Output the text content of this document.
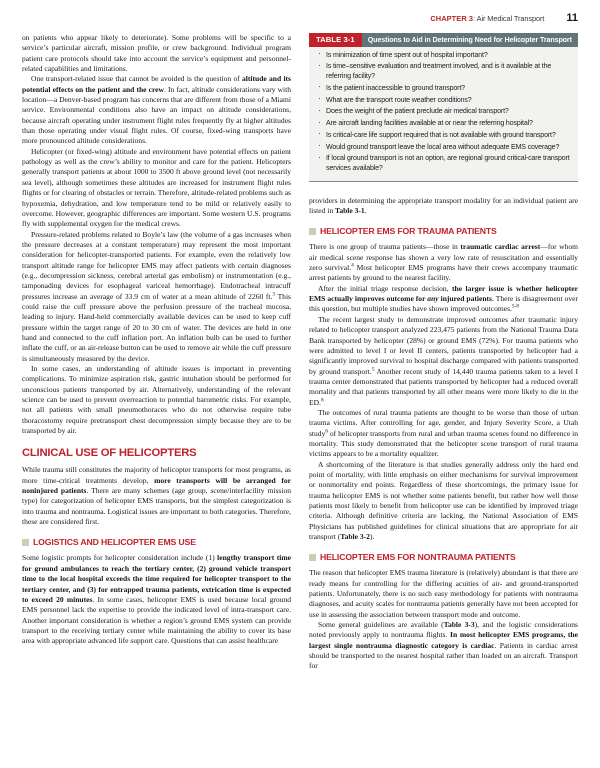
CHAPTER 3: Air Medical Transport 11

on patients who appear likely to deteriorate). Some problems will be specific to a service’s particular aircraft, mission profile, or crew background. Individual program patient care protocols should take into account the service’s equipment and personnel-related capabilities and limitations.

One transport-related issue that cannot be avoided is the question of altitude and its potential effects on the patient and the crew. In fact, altitude considerations vary with location—a Denver-based program has concerns that are different from those of a Miami service. Environmental conditions also have an impact on altitude considerations, because aircraft operating under instrument flight rules frequently fly at higher altitudes than those operating under visual flight rules. Of course, fixed-wing transports have more pronounced altitude considerations.

Helicopter (or fixed-wing) altitude and environment have potential effects on patient pathology as well as the crew’s ability to monitor and care for the patient. Helicopters generally transport patients at about 1000 to 3500 ft above ground level (not necessarily sea level), although sometimes these altitudes are increased for instrument flight rules flights or for clearing of obstacles or terrain. Therefore, altitude-related problems such as hypoxemia, dehydration, and low temperature tend to be mild or relatively easily to overcome. However, geographic differences are important. Some western U.S. programs fly with supplemental oxygen for the medical crews.

Pressure-related problems related to Boyle’s law (the volume of a gas increases when the pressure decreases at a constant temperature) may represent the most important consideration for helicopter-transported patients. For example, even the relatively low transport altitude range for helicopter EMS may affect patients with certain diagnoses (e.g., decompression sickness, cerebral arterial gas embolism) or instrumentation (e.g., tamponading devices for esophageal variceal hemorrhage). Endotracheal intracuff pressures increase an average of 33.9 cm of water at a mean altitude of 2260 ft.$^3$ This could raise the cuff pressure above the perfusion pressure of the tracheal mucosa, leading to injury. Hand-held commercially available devices can be used to keep cuff pressure within the target range of 20 to 30 cm of water. The devices are held in one hand and connected to the cuff inflation port. An inflation bulb can be used to further inflate the cuff, or an air-release button can be used to remove air while the cuff pressure is simultaneously measured by the device.

In some cases, an understanding of altitude issues is important in preventing complications. To minimize aspiration risk, gastric intubation should be performed for unconscious patients transported by air. Alternatively, understanding of the relevant science can be used to prevent overreaction to potential barometric risks. For example, not all patients with small pneumothoraces who do not otherwise require tube thoracostomy require pretransport chest decompression simply because they are to be transported by air.

CLINICAL USE OF HELICOPTERS

While trauma still constitutes the majority of helicopter transports for most programs, as more time-critical treatments develop, more transports will be arranged for noninjured patients. There are many schemes (age group, scene/interfacility mission type) for categorization of helicopter EMS transports, but the simplest categorization is into trauma and nontrauma. Logistical issues are important to both categories. Therefore, these are considered first.

LOGISTICS AND HELICOPTER EMS USE

Some logistic prompts for helicopter consideration include (1) lengthy transport time for ground ambulances to reach the tertiary center, (2) ground vehicle transport time to the local hospital exceeds the time required for helicopter transport to the tertiary center, and (3) for entrapped trauma patients, extrication time is expected to exceed 20 minutes. In some cases, helicopter EMS is used because local ground EMS personnel lack the expertise to provide the indicated level of intra-transport care. Another important consideration is whether a region’s ground EMS system can provide transport to the receiving tertiary center while maintaining the ability to cover its base area with appropriate advanced life support care. Questions that can assist healthcare

TABLE 3-1	Questions to Aid in Determining Need for Helicopter Transport
· Is minimization of time spent out of hospital important?
· Is time–sensitive evaluation and treatment involved, and is it available at the referring facility?
· Is the patient inaccessible to ground transport?
· What are the transport route weather conditions?
· Does the weight of the patient preclude air medical transport?
· Are aircraft landing facilities available at or near the referring hospital?
· Is critical-care life support required that is not available with ground transport?
· Would ground transport leave the local area without adequate EMS coverage?
· If local ground transport is not an option, are regional ground critical-care transport services available?

providers in determining the appropriate transport modality for an individual patient are listed in Table 3-1.

HELICOPTER EMS FOR TRAUMA PATIENTS

There is one group of trauma patients—those in traumatic cardiac arrest—for whom air medical scene response has shown a very low rate of resuscitation and essentially zero survival.$^4$ Most helicopter EMS programs have their crews accompany traumatic arrest patients by ground to the nearest facility.

After the initial triage response decision, the larger issue is whether helicopter EMS actually improves outcome for any injured patients. There is disagreement over this question, but multiple studies have shown improved outcomes.$^{5-8}$

The recent largest study to demonstrate improved outcomes after traumatic injury related to helicopter transport analyzed 223,475 patients from the National Trauma Data Bank transported by helicopter (28%) or ground EMS (72%). For trauma patients who were admitted to level I or level II centers, patients transported by helicopter had a significantly improved survival to hospital discharge compared with patients transported by ground transport.$^5$ Another recent study of 14,440 trauma patients taken to a level I trauma center demonstrated that patients transported by helicopter had a reduced overall mortality and that patients transported by all other means were more likely to die in the ED.$^8$

The outcomes of rural trauma patients are thought to be worse than those of urban trauma victims. After controlling for age, gender, and Injury Severity Score, a Utah study$^6$ of helicopter transports from rural and urban trauma scenes found no difference in mortality. This study demonstrated that the helicopter scene transport of rural trauma victims appears to be a mortality equalizer.

A shortcoming of the literature is that studies generally address only the hard end point of mortality, with little emphasis on either mechanisms for survival improvement or nonmortality end points. Regardless of these shortcomings, the primary issue for trauma helicopter EMS is not whether some patients benefit, but rather how well those patients most likely to benefit from helicopter use can be identified by improved triage criteria. Although definitive criteria are lacking, the National Association of EMS Physicians has published guidelines for clinical situations that are appropriate for air transport (Table 3-2).

HELICOPTER EMS FOR NONTRAUMA PATIENTS

The reason that helicopter EMS trauma literature is (relatively) abundant is that there are ready means for controlling for the differing acuities of air- and ground-transported patients. Unfortunately, there is no such easy methodology for patients with nontrauma diagnoses, and acuity scales for nontrauma patients generally have not been accepted for use in assessing the association between transport mode and outcome.

Some general guidelines are available (Table 3-3), and the logistic considerations noted previously apply to nontrauma flights. In most helicopter EMS programs, the largest single nontrauma diagnostic category is cardiac. Patients in cardiac arrest should be transported to the nearest hospital rather than loaded on an aircraft. Transport for
